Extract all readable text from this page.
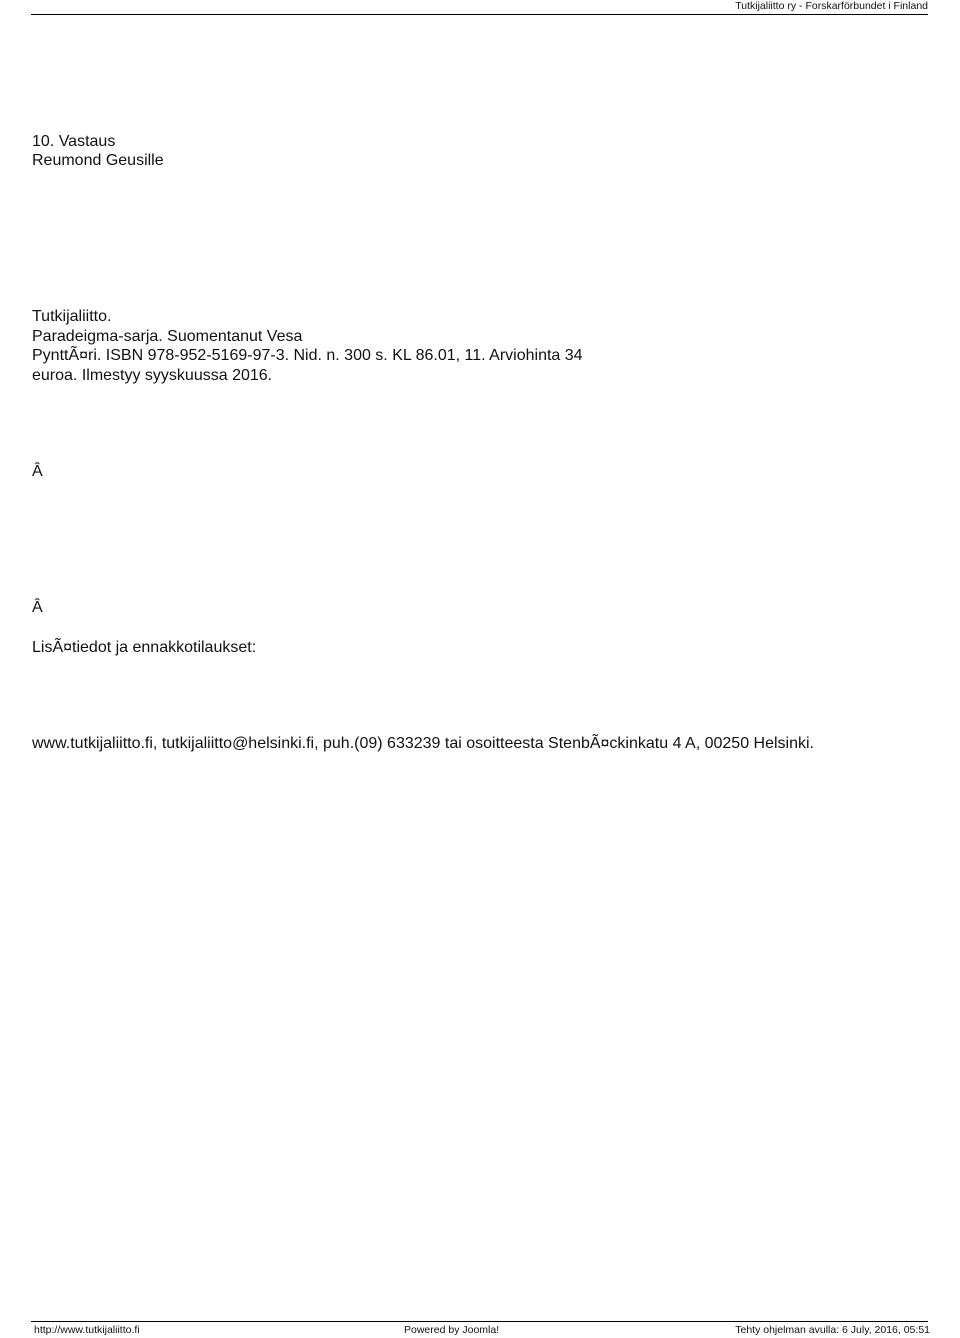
Tutkijaliitto ry - Forskarförbundet i Finland
10. Vastaus
Reumond Geusille
Tutkijaliitto.
Paradeigma-sarja. Suomentanut Vesa
PynttÃ¤ri. ISBN 978-952-5169-97-3. Nid. n. 300 s. KL 86.01, 11. Arviohinta 34
euroa. Ilmestyy syyskuussa 2016.
Â
Â
LisÃ¤tiedot ja ennakkotilaukset:
www.tutkijaliitto.fi, tutkijaliitto@helsinki.fi, puh.(09) 633239 tai osoitteesta StenbÃ¤ckinkatu 4 A, 00250 Helsinki.
http://www.tutkijaliitto.fi	Powered by Joomla!	Tehty ohjelman avulla: 6 July, 2016, 05:51
